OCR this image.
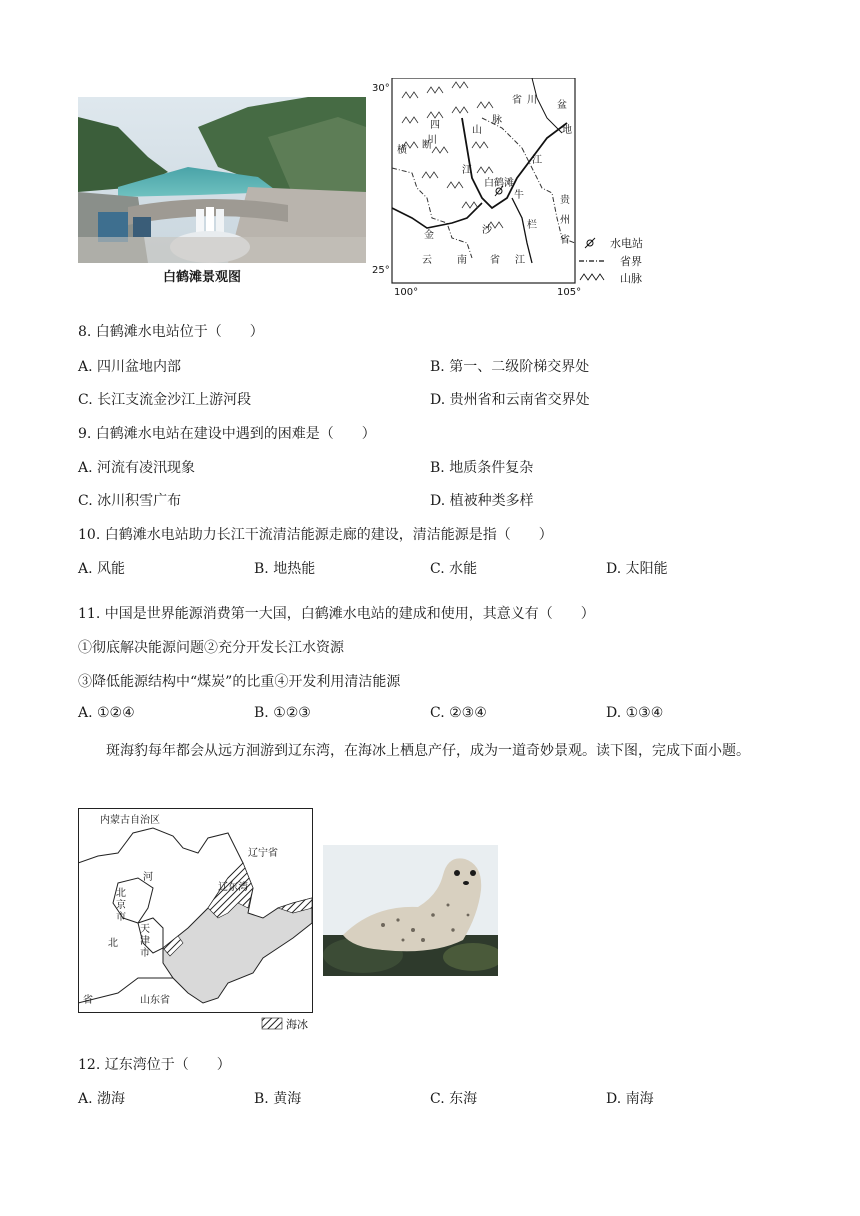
白鹤滩景观图
30°
25°
100°	105°
四
川
省 川 盆
地
横 断
山
脉
江
白鹤滩
牛
栏
江
贵
州
省
金	沙
云	南 省 江
水电站
省界
山脉
8. 白鹤滩水电站位于（　　）
A. 四川盆地内部	B. 第一、二级阶梯交界处
C. 长江支流金沙江上游河段	D. 贵州省和云南省交界处
9. 白鹤滩水电站在建设中遇到的困难是（　　）
A. 河流有凌汛现象	B. 地质条件复杂
C. 冰川积雪广布	D. 植被种类多样
10. 白鹤滩水电站助力长江干流清洁能源走廊的建设，清洁能源是指（　　）
A. 风能	B. 地热能	C. 水能	D. 太阳能
11. 中国是世界能源消费第一大国，白鹤滩水电站的建成和使用，其意义有（　　）
①彻底解决能源问题②充分开发长江水资源
③降低能源结构中“煤炭”的比重④开发利用清洁能源
A. ①②④	B. ①②③	C. ②③④	D. ①③④
斑海豹每年都会从远方洄游到辽东湾，在海冰上栖息产仔，成为一道奇妙景观。读下图，完成下面小题。
内蒙古自治区
辽宁省
河
辽东湾
北
京
市
天
津
市
北
省	山东省
海冰
12. 辽东湾位于（　　）
A. 渤海	B. 黄海	C. 东海	D. 南海
